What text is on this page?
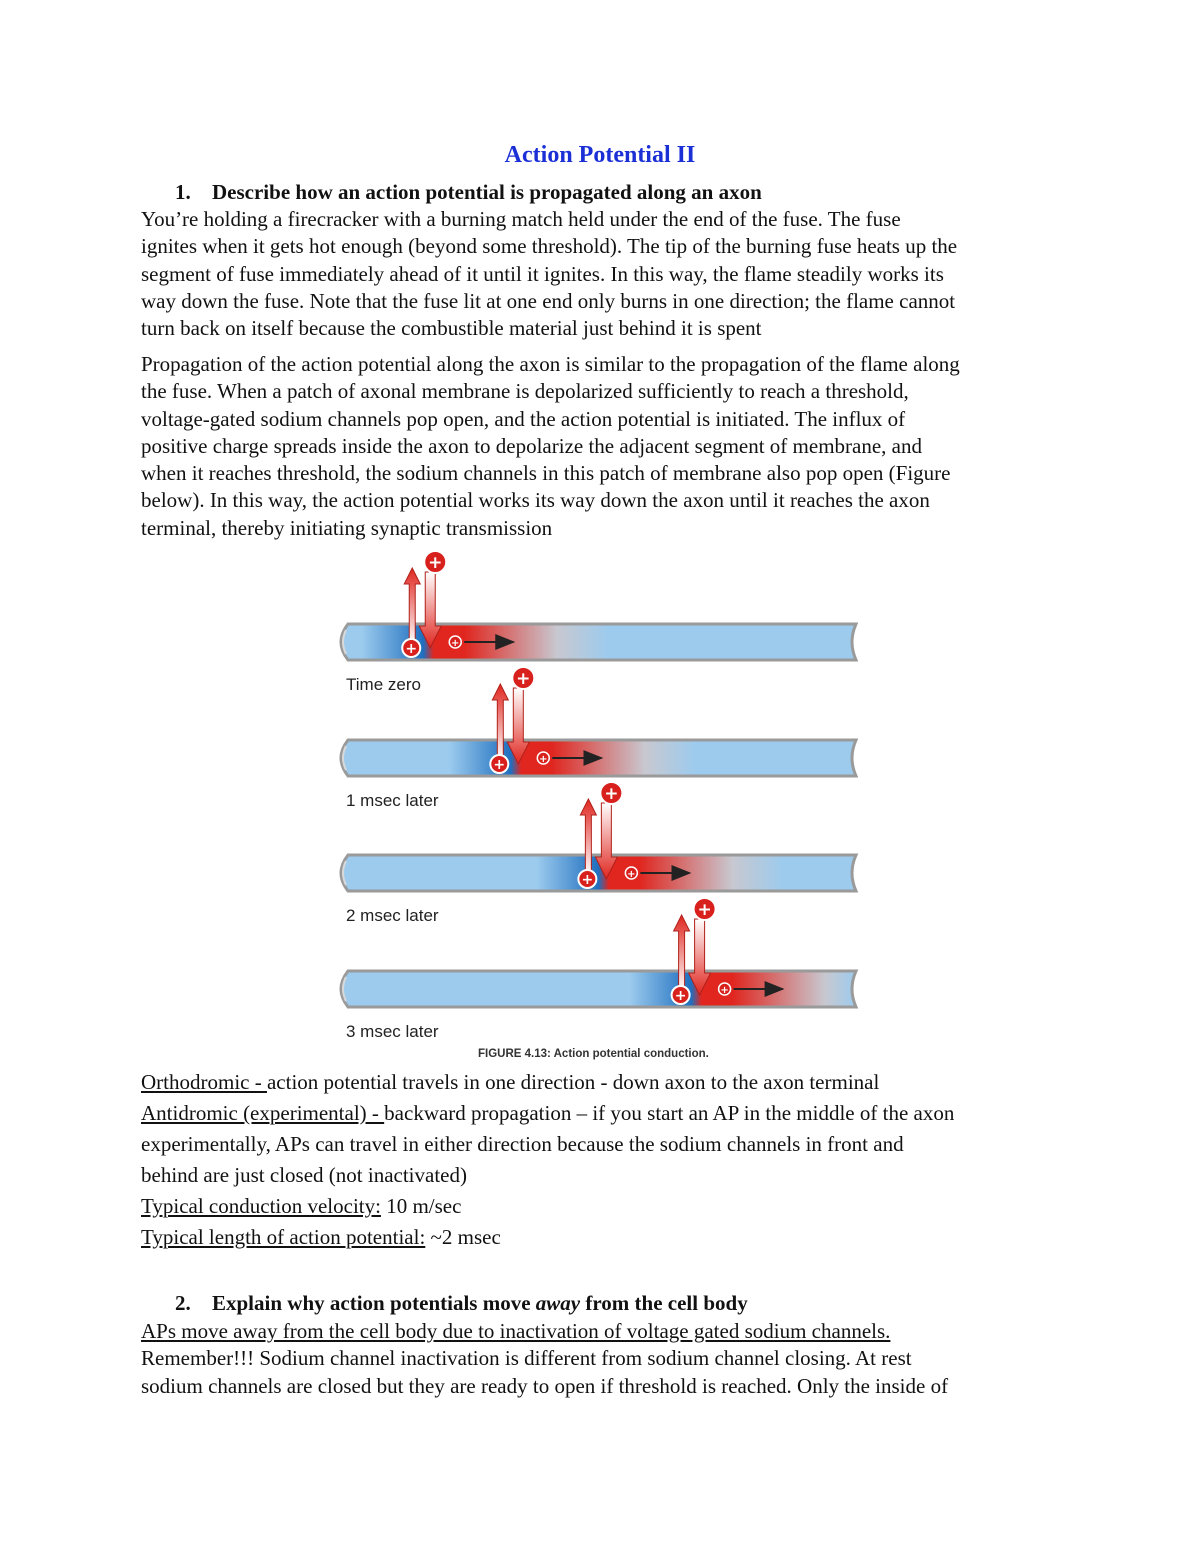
Action Potential II
1. Describe how an action potential is propagated along an axon
You’re holding a firecracker with a burning match held under the end of the fuse. The fuse
ignites when it gets hot enough (beyond some threshold). The tip of the burning fuse heats up the
segment of fuse immediately ahead of it until it ignites. In this way, the flame steadily works its
way down the fuse. Note that the fuse lit at one end only burns in one direction; the flame cannot
turn back on itself because the combustible material just behind it is spent
Propagation of the action potential along the axon is similar to the propagation of the flame along
the fuse. When a patch of axonal membrane is depolarized sufficiently to reach a threshold,
voltage-gated sodium channels pop open, and the action potential is initiated. The influx of
positive charge spreads inside the axon to depolarize the adjacent segment of membrane, and
when it reaches threshold, the sodium channels in this patch of membrane also pop open (Figure
below). In this way, the action potential works its way down the axon until it reaches the axon
terminal, thereby initiating synaptic transmission
+
+	+
Time zero	+
+	+
1 msec later	+
+	+
2 msec later	+
+	+
3 msec later
FIGURE 4.13: Action potential conduction.
Orthodromic - action potential travels in one direction - down axon to the axon terminal
Antidromic (experimental) - backward propagation – if you start an AP in the middle of the axon
experimentally, APs can travel in either direction because the sodium channels in front and
behind are just closed (not inactivated)
Typical conduction velocity: 10 m/sec
Typical length of action potential: ~2 msec
2. Explain why action potentials move away from the cell body
APs move away from the cell body due to inactivation of voltage gated sodium channels.
Remember!!! Sodium channel inactivation is different from sodium channel closing. At rest
sodium channels are closed but they are ready to open if threshold is reached. Only the inside of
